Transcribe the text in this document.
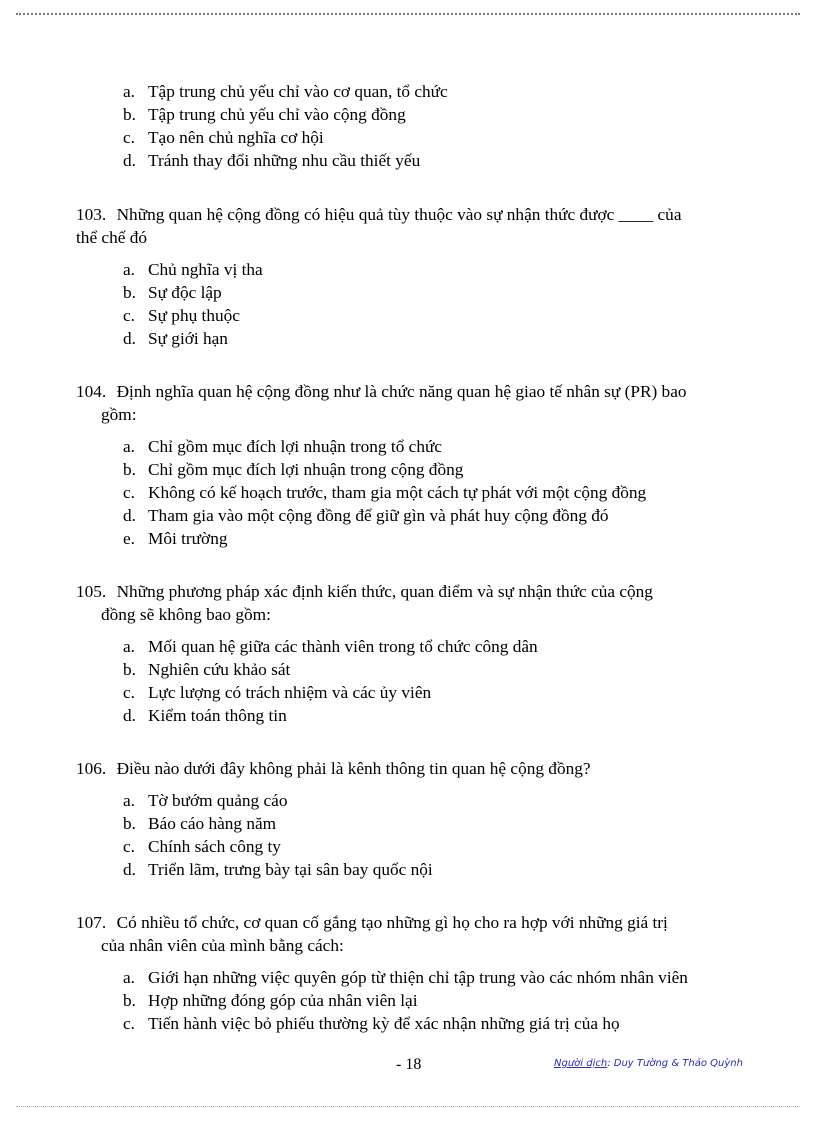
a. Tập trung chủ yếu chỉ vào cơ quan, tổ chức
b. Tập trung chủ yếu chỉ vào cộng đồng
c. Tạo nên chủ nghĩa cơ hội
d. Tránh thay đổi những nhu cầu thiết yếu
103. Những quan hệ cộng đồng có hiệu quả tùy thuộc vào sự nhận thức được ____ của
thể chế đó
a. Chủ nghĩa vị tha
b. Sự độc lập
c. Sự phụ thuộc
d. Sự giới hạn
104. Định nghĩa quan hệ cộng đồng như là chức năng quan hệ giao tế nhân sự (PR) bao
gồm:
a. Chỉ gồm mục đích lợi nhuận trong tổ chức
b. Chỉ gồm mục đích lợi nhuận trong cộng đồng
c. Không có kế hoạch trước, tham gia một cách tự phát với một cộng đồng
d. Tham gia vào một cộng đồng để giữ gìn và phát huy cộng đồng đó
e. Môi trường
105. Những phương pháp xác định kiến thức, quan điểm và sự nhận thức của cộng
đồng sẽ không bao gồm:
a. Mối quan hệ giữa các thành viên trong tổ chức công dân
b. Nghiên cứu khảo sát
c. Lực lượng có trách nhiệm và các ủy viên
d. Kiểm toán thông tin
106. Điều nào dưới đây không phải là kênh thông tin quan hệ cộng đồng?
a. Tờ bướm quảng cáo
b. Báo cáo hàng năm
c. Chính sách công ty
d. Triển lãm, trưng bày tại sân bay quốc nội
107. Có nhiều tổ chức, cơ quan cố gắng tạo những gì họ cho ra hợp với những giá trị
của nhân viên của mình bằng cách:
a. Giới hạn những việc quyên góp từ thiện chỉ tập trung vào các nhóm nhân viên
b. Hợp những đóng góp của nhân viên lại
c. Tiến hành việc bỏ phiếu thường kỳ để xác nhận những giá trị của họ
- 18	Người dịch: Duy Tường & Thảo Quỳnh
